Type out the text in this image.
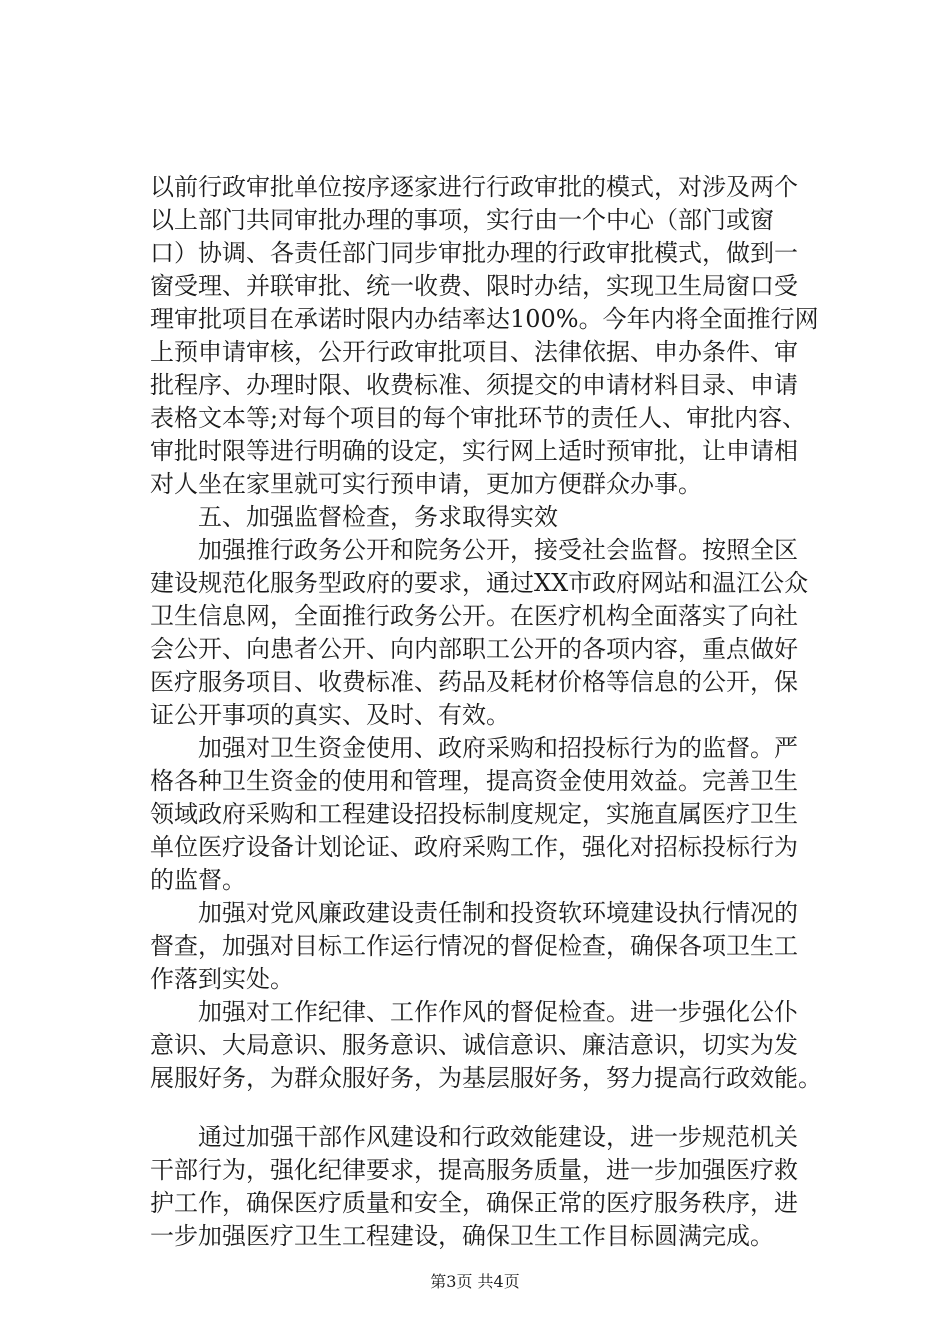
以前行政审批单位按序逐家进行行政审批的模式，对涉及两个
以上部门共同审批办理的事项，实行由一个中心（部门或窗
口）协调、各责任部门同步审批办理的行政审批模式，做到一
窗受理、并联审批、统一收费、限时办结，实现卫生局窗口受
理审批项目在承诺时限内办结率达100%。今年内将全面推行网
上预申请审核，公开行政审批项目、法律依据、申办条件、审
批程序、办理时限、收费标准、须提交的申请材料目录、申请
表格文本等;对每个项目的每个审批环节的责任人、审批内容、
审批时限等进行明确的设定，实行网上适时预审批，让申请相
对人坐在家里就可实行预申请，更加方便群众办事。
　　五、加强监督检查，务求取得实效
　　加强推行政务公开和院务公开，接受社会监督。按照全区
建设规范化服务型政府的要求，通过XX市政府网站和温江公众
卫生信息网，全面推行政务公开。在医疗机构全面落实了向社
会公开、向患者公开、向内部职工公开的各项内容，重点做好
医疗服务项目、收费标准、药品及耗材价格等信息的公开，保
证公开事项的真实、及时、有效。
　　加强对卫生资金使用、政府采购和招投标行为的监督。严
格各种卫生资金的使用和管理，提高资金使用效益。完善卫生
领域政府采购和工程建设招投标制度规定，实施直属医疗卫生
单位医疗设备计划论证、政府采购工作，强化对招标投标行为
的监督。
　　加强对党风廉政建设责任制和投资软环境建设执行情况的
督查，加强对目标工作运行情况的督促检查，确保各项卫生工
作落到实处。
　　加强对工作纪律、工作作风的督促检查。进一步强化公仆
意识、大局意识、服务意识、诚信意识、廉洁意识，切实为发
展服好务，为群众服好务，为基层服好务，努力提高行政效能。
　　通过加强干部作风建设和行政效能建设，进一步规范机关
干部行为，强化纪律要求，提高服务质量，进一步加强医疗救
护工作，确保医疗质量和安全，确保正常的医疗服务秩序，进
一步加强医疗卫生工程建设，确保卫生工作目标圆满完成。
第3页 共4页
